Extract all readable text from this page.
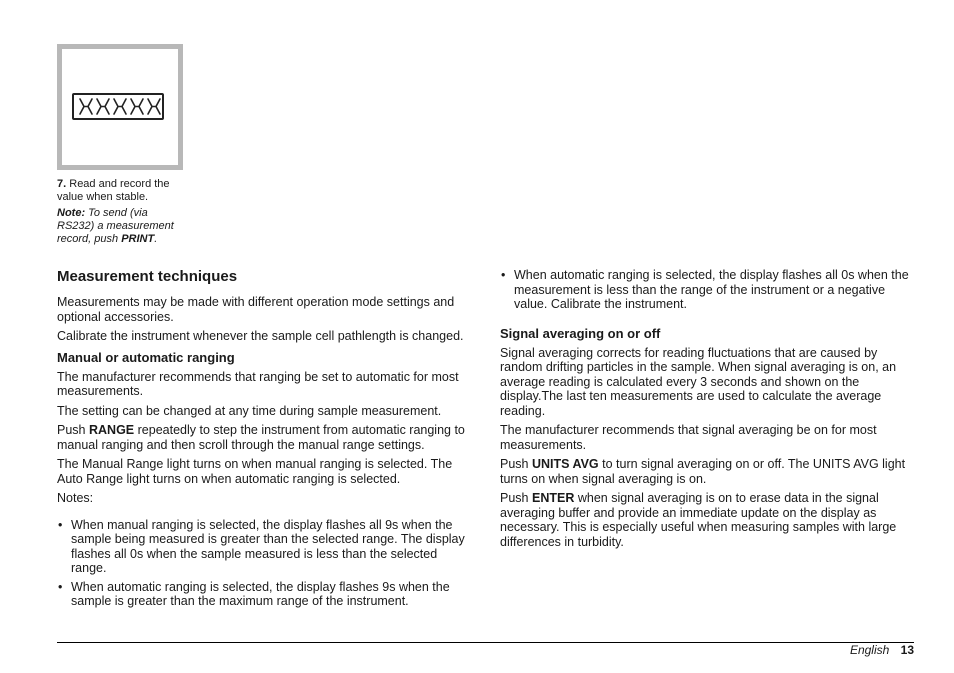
7. Read and record the value when stable.

Note: To send (via RS232) a measurement record, push PRINT.

Measurement techniques

Measurements may be made with different operation mode settings and optional accessories.

Calibrate the instrument whenever the sample cell pathlength is changed.

Manual or automatic ranging

The manufacturer recommends that ranging be set to automatic for most measurements.

The setting can be changed at any time during sample measurement.

Push RANGE repeatedly to step the instrument from automatic ranging to manual ranging and then scroll through the manual range settings.

The Manual Range light turns on when manual ranging is selected. The Auto Range light turns on when automatic ranging is selected.

Notes:

• When manual ranging is selected, the display flashes all 9s when the sample being measured is greater than the selected range. The display flashes all 0s when the sample measured is less than the selected range.
• When automatic ranging is selected, the display flashes 9s when the sample is greater than the maximum range of the instrument.
• When automatic ranging is selected, the display flashes all 0s when the measurement is less than the range of the instrument or a negative value. Calibrate the instrument.
Signal averaging on or off

Signal averaging corrects for reading fluctuations that are caused by random drifting particles in the sample. When signal averaging is on, an average reading is calculated every 3 seconds and shown on the display.The last ten measurements are used to calculate the average reading.

The manufacturer recommends that signal averaging be on for most measurements.

Push UNITS AVG to turn signal averaging on or off. The UNITS AVG light turns on when signal averaging is on.

Push ENTER when signal averaging is on to erase data in the signal averaging buffer and provide an immediate update on the display as necessary. This is especially useful when measuring samples with large differences in turbidity.

English 13
